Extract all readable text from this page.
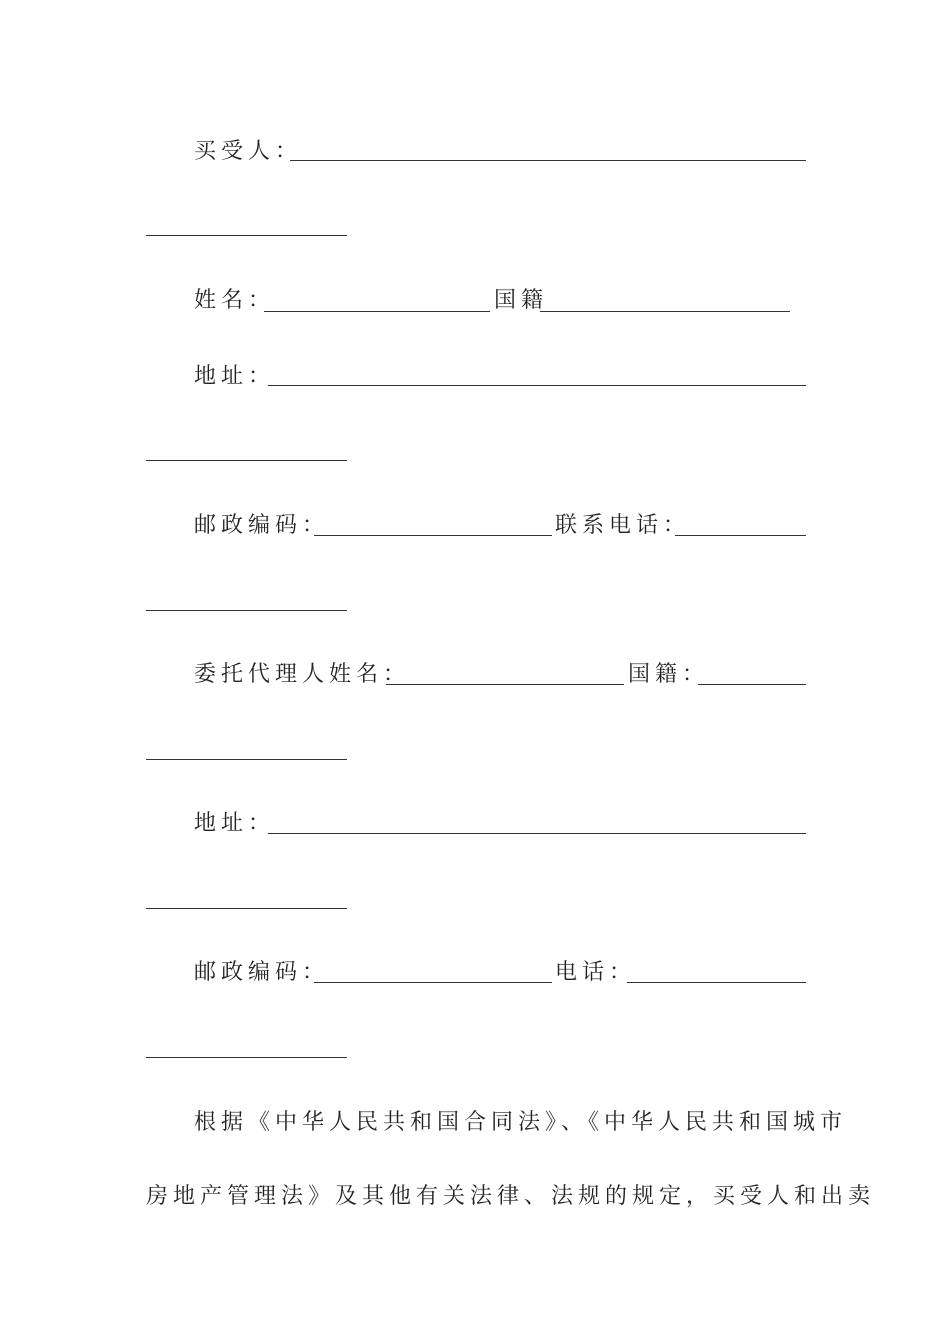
买受人：
姓名：	国籍
地址：
邮政编码：	联系电话：
委托代理人姓名：	国籍：
地址：
邮政编码：	电话：
根据《中华人民共和国合同法》、《中华人民共和国城市
房地产管理法》及其他有关法律、法规的规定，买受人和出卖
